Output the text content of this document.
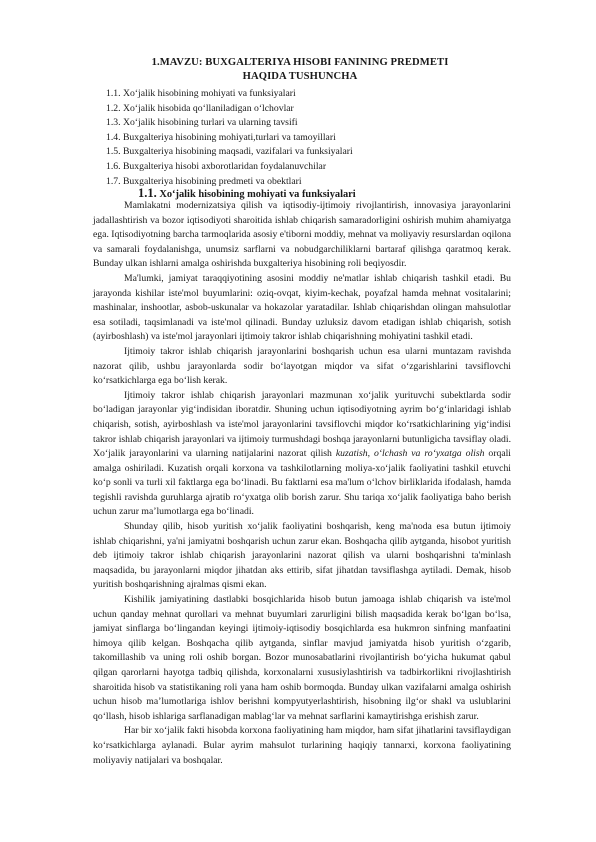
1.MAVZU: BUXGALTERIYA HISOBI FANINING PREDMETI
HAQIDA TUSHUNCHA
1.1. Xo‘jalik hisobining mohiyati va funksiyalari
1.2. Xo‘jalik hisobida qo‘llaniladigan o‘lchovlar
1.3. Xo‘jalik hisobining turlari va ularning tavsifi
1.4. Buxgalteriya hisobining mohiyati,turlari va tamoyillari
1.5. Buxgalteriya hisobining maqsadi, vazifalari va funksiyalari
1.6. Buxgalteriya hisobi axborotlaridan foydalanuvchilar
1.7. Buxgalteriya hisobining predmeti va obektlari
1.1. Xo‘jalik hisobining mohiyati va funksiyalari

Mamlakatni modernizatsiya qilish va iqtisodiy-ijtimoiy rivojlantirish, innovasiya jarayonlarini jadallashtirish va bozor iqtisodiyoti sharoitida ishlab chiqarish samaradorligini oshirish muhim ahamiyatga ega. Iqtisodiyotning barcha tarmoqlarida asosiy e'tiborni moddiy, mehnat va moliyaviy resurslardan oqilona va samarali foydalanishga, unumsiz sarflarni va nobudgarchiliklarni bartaraf qilishga qaratmoq kerak. Bunday ulkan ishlarni amalga oshirishda buxgalteriya hisobining roli beqiyosdir.

Ma'lumki, jamiyat taraqqiyotining asosini moddiy ne'matlar ishlab chiqarish tashkil etadi. Bu jarayonda kishilar iste'mol buyumlarini: oziq-ovqat, kiyim-kechak, poyafzal hamda mehnat vositalarini; mashinalar, inshootlar, asbob-uskunalar va hokazolar yaratadilar. Ishlab chiqarishdan olingan mahsulotlar esa sotiladi, taqsimlanadi va iste'mol qilinadi. Bunday uzluksiz davom etadigan ishlab chiqarish, sotish (ayirboshlash) va iste'mol jarayonlari ijtimoiy takror ishlab chiqarishning mohiyatini tashkil etadi.

Ijtimoiy takror ishlab chiqarish jarayonlarini boshqarish uchun esa ularni muntazam ravishda nazorat qilib, ushbu jarayonlarda sodir bo‘layotgan miqdor va sifat o‘zgarishlarini tavsiflovchi ko‘rsatkichlarga ega bo‘lish kerak.

Ijtimoiy takror ishlab chiqarish jarayonlari mazmunan xo‘jalik yurituvchi subektlarda sodir bo‘ladigan jarayonlar yig‘indisidan iboratdir. Shuning uchun iqtisodiyotning ayrim bo‘g‘inlaridagi ishlab chiqarish, sotish, ayirboshlash va iste'mol jarayonlarini tavsiflovchi miqdor ko‘rsatkichlarining yig‘indisi takror ishlab chiqarish jarayonlari va ijtimoiy turmushdagi boshqa jarayonlarni butunligicha tavsiflay oladi. Xo‘jalik jarayonlarini va ularning natijalarini nazorat qilish kuzatish, o‘lchash va ro‘yxatga olish orqali amalga oshiriladi. Kuzatish orqali korxona va tashkilotlarning moliya-xo‘jalik faoliyatini tashkil etuvchi ko‘p sonli va turli xil faktlarga ega bo‘linadi. Bu faktlarni esa ma'lum o‘lchov birliklarida ifodalash, hamda tegishli ravishda guruhlarga ajratib ro‘yxatga olib borish zarur. Shu tariqa xo‘jalik faoliyatiga baho berish uchun zarur ma’lumotlarga ega bo‘linadi.

Shunday qilib, hisob yuritish xo‘jalik faoliyatini boshqarish, keng ma'noda esa butun ijtimoiy ishlab chiqarishni, ya'ni jamiyatni boshqarish uchun zarur ekan. Boshqacha qilib aytganda, hisobot yuritish deb ijtimoiy takror ishlab chiqarish jarayonlarini nazorat qilish va ularni boshqarishni ta'minlash maqsadida, bu jarayonlarni miqdor jihatdan aks ettirib, sifat jihatdan tavsiflashga aytiladi. Demak, hisob yuritish boshqarishning ajralmas qismi ekan.

Kishilik jamiyatining dastlabki bosqichlarida hisob butun jamoaga ishlab chiqarish va iste'mol uchun qanday mehnat qurollari va mehnat buyumlari zarurligini bilish maqsadida kerak bo‘lgan bo‘lsa, jamiyat sinflarga bo‘lingandan keyingi ijtimoiy-iqtisodiy bosqichlarda esa hukmron sinfning manfaatini himoya qilib kelgan. Boshqacha qilib aytganda, sinflar mavjud jamiyatda hisob yuritish o‘zgarib, takomillashib va uning roli oshib borgan. Bozor munosabatlarini rivojlantirish bo‘yicha hukumat qabul qilgan qarorlarni hayotga tadbiq qilishda, korxonalarni xususiylashtirish va tadbirkorlikni rivojlashtirish sharoitida hisob va statistikaning roli yana ham oshib bormoqda. Bunday ulkan vazifalarni amalga oshirish uchun hisob ma’lumotlariga ishlov berishni kompyutyerlashtirish, hisobning ilg‘or shakl va uslublarini qo‘llash, hisob ishlariga sarflanadigan mablag‘lar va mehnat sarflarini kamaytirishga erishish zarur.

Har bir xo‘jalik fakti hisobda korxona faoliyatining ham miqdor, ham sifat jihatlarini tavsiflaydigan ko‘rsatkichlarga aylanadi. Bular ayrim mahsulot turlarining haqiqiy tannarxi, korxona faoliyatining moliyaviy natijalari va boshqalar.
